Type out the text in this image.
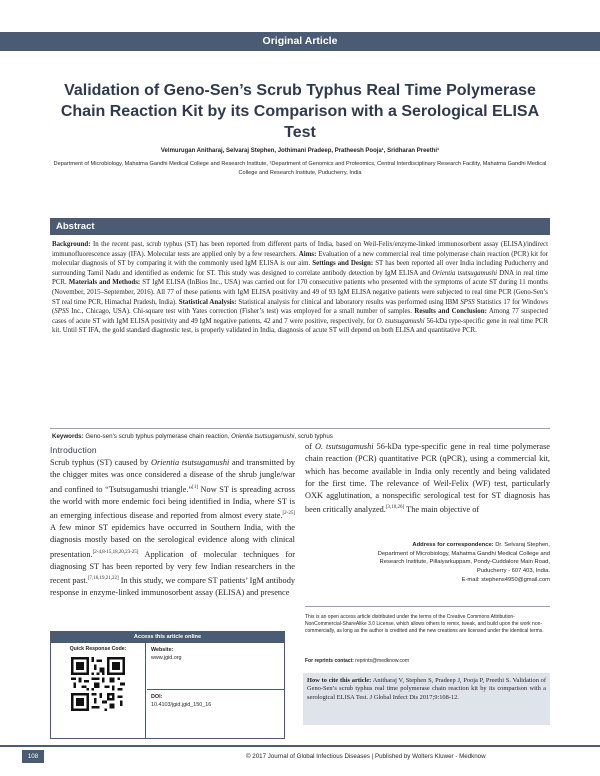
Original Article
Validation of Geno-Sen’s Scrub Typhus Real Time Polymerase Chain Reaction Kit by its Comparison with a Serological ELISA Test
Velmurugan Anitharaj, Selvaraj Stephen, Jothimani Pradeep, Pratheesh Pooja¹, Sridharan Preethi¹
Department of Microbiology, Mahatma Gandhi Medical College and Research Institute, ¹Department of Genomics and Proteomics, Central Interdisciplinary Research Facility, Mahatma Gandhi Medical College and Research Institute, Puducherry, India
Abstract
Background: In the recent past, scrub typhus (ST) has been reported from different parts of India, based on Weil-Felix/enzyme-linked immunosorbent assay (ELISA)/indirect immunofluorescence assay (IFA). Molecular tests are applied only by a few researchers. Aims: Evaluation of a new commercial real time polymerase chain reaction (PCR) kit for molecular diagnosis of ST by comparing it with the commonly used IgM ELISA is our aim. Settings and Design: ST has been reported all over India including Puducherry and surrounding Tamil Nadu and identified as endemic for ST. This study was designed to correlate antibody detection by IgM ELISA and Orientia tsutsugamushi DNA in real time PCR. Materials and Methods: ST IgM ELISA (InBios Inc., USA) was carried out for 170 consecutive patients who presented with the symptoms of acute ST during 11 months (November, 2015–September, 2016). All 77 of these patients with IgM ELISA positivity and 49 of 93 IgM ELISA negative patients were subjected to real time PCR (Geno-Sen’s ST real time PCR, Himachal Pradesh, India). Statistical Analysis: Statistical analysis for clinical and laboratory results was performed using IBM SPSS Statistics 17 for Windows (SPSS Inc., Chicago, USA). Chi-square test with Yates correction (Fisher’s test) was employed for a small number of samples. Results and Conclusion: Among 77 suspected cases of acute ST with IgM ELISA positivity and 49 IgM negative patients, 42 and 7 were positive, respectively, for O. tsutsugamushi 56-kDa type-specific gene in real time PCR kit. Until ST IFA, the gold standard diagnostic test, is properly validated in India, diagnosis of acute ST will depend on both ELISA and quantitative PCR.
Keywords: Geno-sen’s scrub typhus polymerase chain reaction, Orientia tsutsugamushi, scrub typhus
Introduction

Scrub typhus (ST) caused by Orientia tsutsugamushi and transmitted by the chigger mites was once considered a disease of the shrub jungle/war and confined to “Tsutsugamushi triangle.”[1] Now ST is spreading across the world with more endemic foci being identified in India, where ST is an emerging infectious disease and reported from almost every state.[2-25] A few minor ST epidemics have occurred in Southern India, with the diagnosis mostly based on the serological evidence along with clinical presentation.[2-4,8-15,18,20,23-25] Application of molecular techniques for diagnosing ST has been reported by very few Indian researchers in the recent past.[7,16,19,21,22] In this study, we compare ST patients’ IgM antibody response in enzyme-linked immunosorbent assay (ELISA) and presence

of O. tsutsugamushi 56-kDa type-specific gene in real time polymerase chain reaction (PCR) quantitative PCR (qPCR), using a commercial kit, which has become available in India only recently and being validated for the first time. The relevance of Weil-Felix (WF) test, particularly OXK agglutination, a nonspecific serological test for ST diagnosis has been critically analyzed.[3,10,26] The main objective of

Address for correspondence: Dr. Selvaraj Stephen,
Department of Microbiology, Mahatma Gandhi Medical College and
Research Institute, Pillaiyarkuppam, Pondy-Cuddalore Main Road,
Puducherry - 607 403, India.
E-mail: stephens4950@gmail.com

This is an open access article distributed under the terms of the Creative Commons Attribution-NonCommercial-ShareAlike 3.0 License, which allows others to remix, tweak, and build upon the work non-commercially, as long as the author is credited and the new creations are licensed under the identical terms.

For reprints contact: reprints@medknow.com
How to cite this article: Anitharaj V, Stephen S, Pradeep J, Pooja P, Preethi S. Validation of Geno-Sen’s scrub typhus real time polymerase chain reaction kit by its comparison with a serological ELISA Test. J Global Infect Dis 2017;9:108-12.
Access this article online
Quick Response Code:	Website:
www.jgid.org
DOI:
10.4103/jgid.jgid_150_16
108	© 2017 Journal of Global Infectious Diseases | Published by Wolters Kluwer - Medknow
